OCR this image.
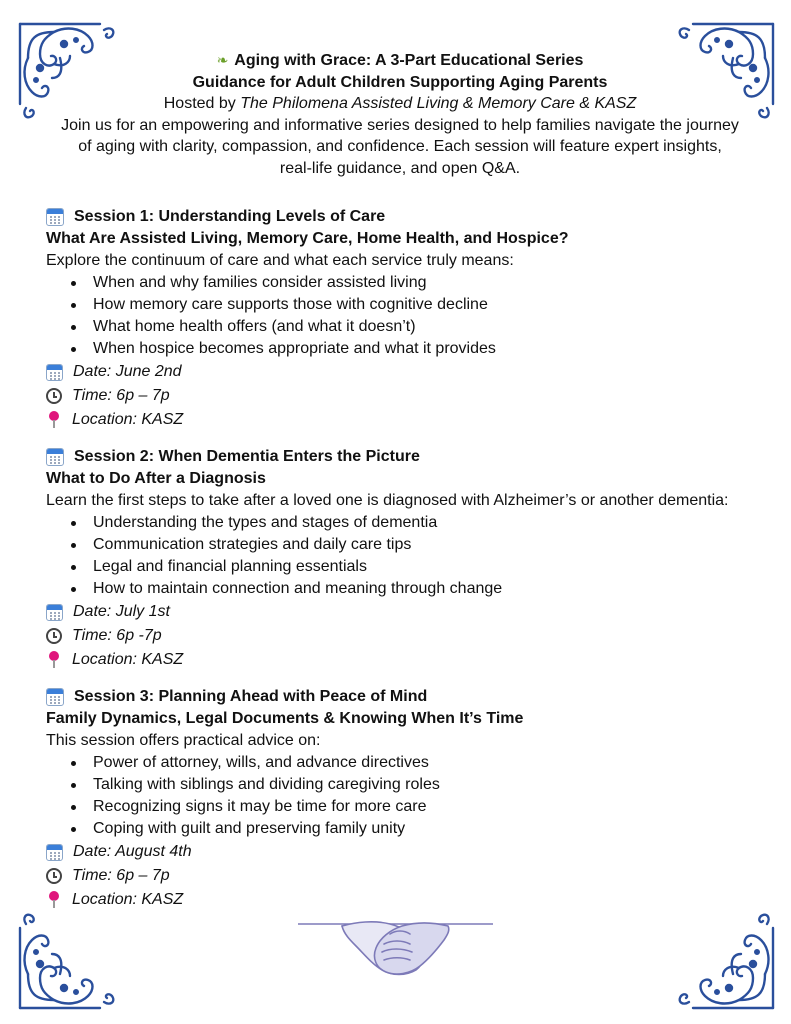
❧ Aging with Grace: A 3-Part Educational Series
Guidance for Adult Children Supporting Aging Parents
Hosted by The Philomena Assisted Living & Memory Care & KASZ
Join us for an empowering and informative series designed to help families navigate the journey of aging with clarity, compassion, and confidence. Each session will feature expert insights, real-life guidance, and open Q&A.
Session 1: Understanding Levels of Care
What Are Assisted Living, Memory Care, Home Health, and Hospice?
Explore the continuum of care and what each service truly means:
When and why families consider assisted living
How memory care supports those with cognitive decline
What home health offers (and what it doesn’t)
When hospice becomes appropriate and what it provides
Date: June 2nd
Time: 6p – 7p
Location: KASZ
Session 2: When Dementia Enters the Picture
What to Do After a Diagnosis
Learn the first steps to take after a loved one is diagnosed with Alzheimer’s or another dementia:
Understanding the types and stages of dementia
Communication strategies and daily care tips
Legal and financial planning essentials
How to maintain connection and meaning through change
Date: July 1st
Time: 6p -7p
Location: KASZ
Session 3: Planning Ahead with Peace of Mind
Family Dynamics, Legal Documents & Knowing When It’s Time
This session offers practical advice on:
Power of attorney, wills, and advance directives
Talking with siblings and dividing caregiving roles
Recognizing signs it may be time for more care
Coping with guilt and preserving family unity
Date: August 4th
Time: 6p – 7p
Location: KASZ
